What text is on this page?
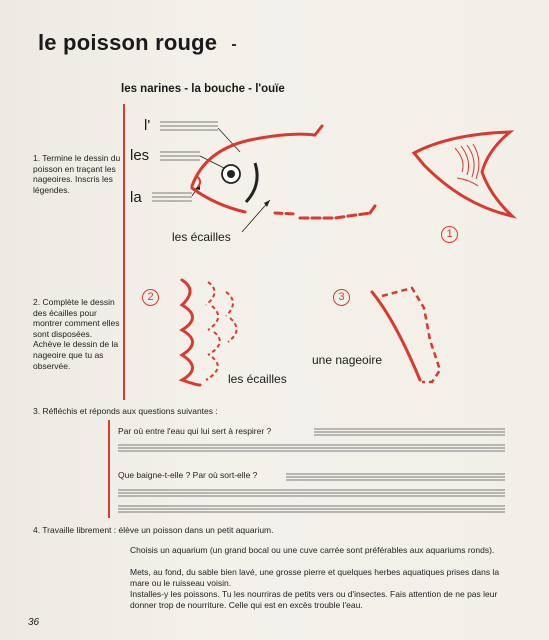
le poisson rouge
les narines - la bouche - l'ouïe
1. Termine le dessin du poisson en traçant les nageoires. Inscris les légendes.
l'
les
la
les écailles	1
2. Complète le dessin des écailles pour montrer comment elles sont disposées. Achève le dessin de la nageoire que tu as observée.
2	3
les écailles
une nageoire
3. Réfléchis et réponds aux questions suivantes :
Par où entre l'eau qui lui sert à respirer ?
Que baigne-t-elle ? Par où sort-elle ?
4. Travaille librement : élève un poisson dans un petit aquarium.
Choisis un aquarium (un grand bocal ou une cuve carrée sont préférables aux aquariums ronds).
Mets, au fond, du sable bien lavé, une grosse pierre et quelques herbes aquatiques prises dans la mare ou le ruisseau voisin.
Installes-y les poissons. Tu les nourriras de petits vers ou d'insectes. Fais attention de ne pas leur donner trop de nourriture. Celle qui est en excès trouble l'eau.
36
